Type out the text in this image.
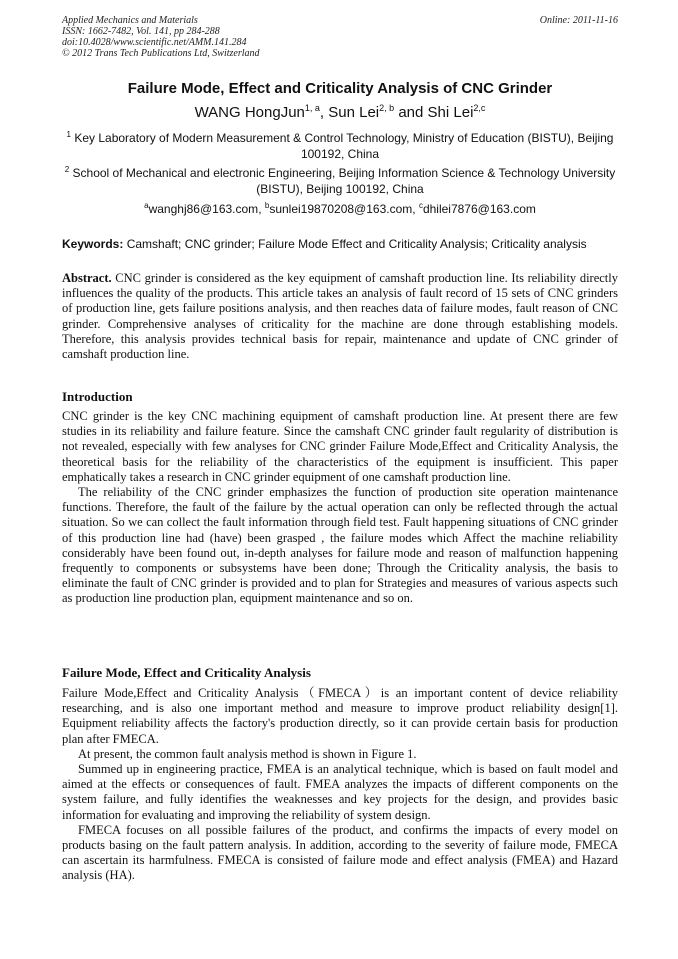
Applied Mechanics and Materials
ISSN: 1662-7482, Vol. 141, pp 284-288
doi:10.4028/www.scientific.net/AMM.141.284
© 2012 Trans Tech Publications Ltd, Switzerland
Online: 2011-11-16
Failure Mode, Effect and Criticality Analysis of CNC Grinder
WANG HongJun$^{1, a}$, Sun Lei$^{2, b}$ and Shi Lei$^{2,c}$
$^1$ Key Laboratory of Modern Measurement & Control Technology, Ministry of Education (BISTU), Beijing 100192, China
$^2$ School of Mechanical and electronic Engineering, Beijing Information Science & Technology University (BISTU), Beijing 100192, China
$^a$wanghj86@163.com, $^b$sunlei19870208@163.com, $^c$dhilei7876@163.com
Keywords: Camshaft; CNC grinder; Failure Mode Effect and Criticality Analysis; Criticality analysis
Abstract. CNC grinder is considered as the key equipment of camshaft production line. Its reliability directly influences the quality of the products. This article takes an analysis of fault record of 15 sets of CNC grinders of production line, gets failure positions analysis, and then reaches data of failure modes, fault reason of CNC grinder. Comprehensive analyses of criticality for the machine are done through establishing models. Therefore, this analysis provides technical basis for repair, maintenance and update of CNC grinder of camshaft production line.
Introduction

CNC grinder is the key CNC machining equipment of camshaft production line. At present there are few studies in its reliability and failure feature. Since the camshaft CNC grinder fault regularity of distribution is not revealed, especially with few analyses for CNC grinder Failure Mode,Effect and Criticality Analysis, the theoretical basis for the reliability of the characteristics of the equipment is insufficient. This paper emphatically takes a research in CNC grinder equipment of one camshaft production line.

The reliability of the CNC grinder emphasizes the function of production site operation maintenance functions. Therefore, the fault of the failure by the actual operation can only be reflected through the actual situation. So we can collect the fault information through field test. Fault happening situations of CNC grinder of this production line had (have) been grasped , the failure modes which Affect the machine reliability considerably have been found out, in-depth analyses for failure mode and reason of malfunction happening frequently to components or subsystems have been done; Through the Criticality analysis, the basis to eliminate the fault of CNC grinder is provided and to plan for Strategies and measures of various aspects such as production line production plan, equipment maintenance and so on.

Failure Mode, Effect and Criticality Analysis

Failure Mode,Effect and Criticality Analysis（FMECA）is an important content of device reliability researching, and is also one important method and measure to improve product reliability design[1]. Equipment reliability affects the factory's production directly, so it can provide certain basis for production plan after FMECA.

At present, the common fault analysis method is shown in Figure 1.

Summed up in engineering practice, FMEA is an analytical technique, which is based on fault model and aimed at the effects or consequences of fault. FMEA analyzes the impacts of different components on the system failure, and fully identifies the weaknesses and key projects for the design, and provides basic information for evaluating and improving the reliability of system design.

FMECA focuses on all possible failures of the product, and confirms the impacts of every model on products basing on the fault pattern analysis. In addition, according to the severity of failure mode, FMECA can ascertain its harmfulness. FMECA is consisted of failure mode and effect analysis (FMEA) and Hazard analysis (HA).
